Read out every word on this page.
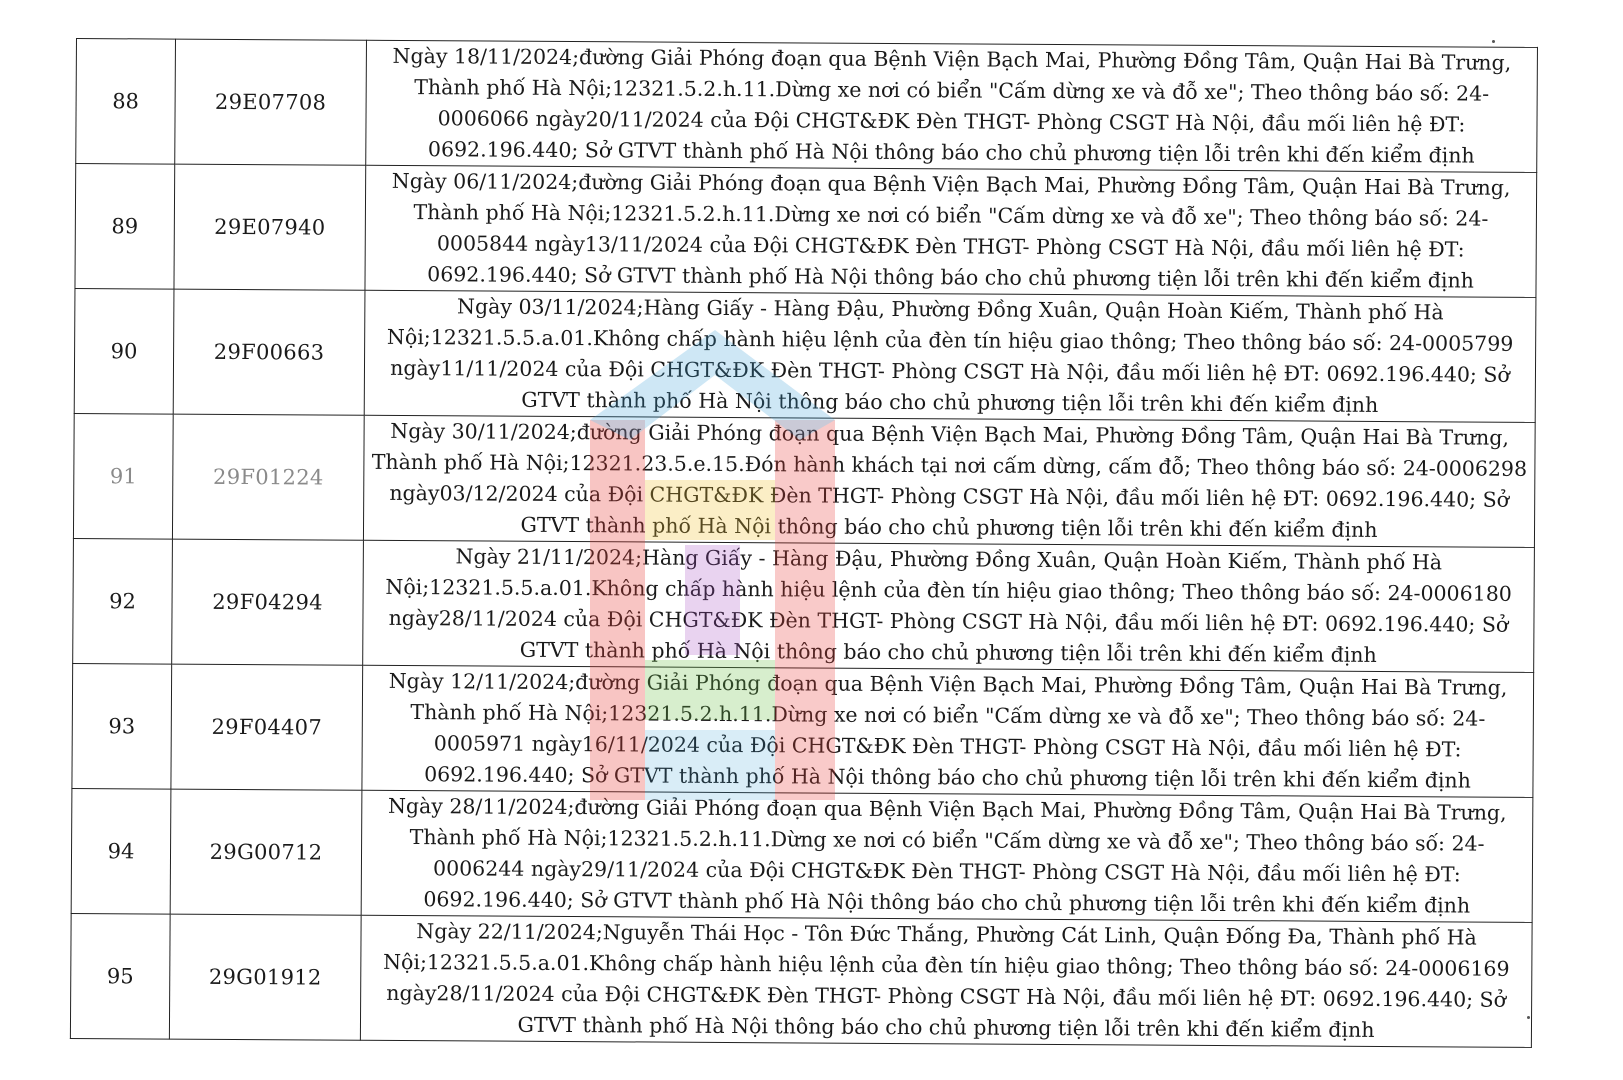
88	29E07708	Ngày 18/11/2024;đường Giải Phóng đoạn qua Bệnh Viện Bạch Mai, Phường Đồng Tâm, Quận Hai Bà Trưng, Thành phố Hà Nội;12321.5.2.h.11.Dừng xe nơi có biển "Cấm dừng xe và đỗ xe"; Theo thông báo số: 24-0006066 ngày20/11/2024 của Đội CHGT&ĐK Đèn THGT- Phòng CSGT Hà Nội, đầu mối liên hệ ĐT: 0692.196.440; Sở GTVT thành phố Hà Nội thông báo cho chủ phương tiện lỗi trên khi đến kiểm định
89	29E07940	Ngày 06/11/2024;đường Giải Phóng đoạn qua Bệnh Viện Bạch Mai, Phường Đồng Tâm, Quận Hai Bà Trưng, Thành phố Hà Nội;12321.5.2.h.11.Dừng xe nơi có biển "Cấm dừng xe và đỗ xe"; Theo thông báo số: 24-0005844 ngày13/11/2024 của Đội CHGT&ĐK Đèn THGT- Phòng CSGT Hà Nội, đầu mối liên hệ ĐT: 0692.196.440; Sở GTVT thành phố Hà Nội thông báo cho chủ phương tiện lỗi trên khi đến kiểm định
90	29F00663	Ngày 03/11/2024;Hàng Giấy - Hàng Đậu, Phường Đồng Xuân, Quận Hoàn Kiếm, Thành phố Hà Nội;12321.5.5.a.01.Không chấp hành hiệu lệnh của đèn tín hiệu giao thông; Theo thông báo số: 24-0005799 ngày11/11/2024 của Đội CHGT&ĐK Đèn THGT- Phòng CSGT Hà Nội, đầu mối liên hệ ĐT: 0692.196.440; Sở GTVT thành phố Hà Nội thông báo cho chủ phương tiện lỗi trên khi đến kiểm định
91	29F01224	Ngày 30/11/2024;đường Giải Phóng đoạn qua Bệnh Viện Bạch Mai, Phường Đồng Tâm, Quận Hai Bà Trưng, Thành phố Hà Nội;12321.23.5.e.15.Đón hành khách tại nơi cấm dừng, cấm đỗ; Theo thông báo số: 24-0006298 ngày03/12/2024 của Đội CHGT&ĐK Đèn THGT- Phòng CSGT Hà Nội, đầu mối liên hệ ĐT: 0692.196.440; Sở GTVT thành phố Hà Nội thông báo cho chủ phương tiện lỗi trên khi đến kiểm định
92	29F04294	Ngày 21/11/2024;Hàng Giấy - Hàng Đậu, Phường Đồng Xuân, Quận Hoàn Kiếm, Thành phố Hà Nội;12321.5.5.a.01.Không chấp hành hiệu lệnh của đèn tín hiệu giao thông; Theo thông báo số: 24-0006180 ngày28/11/2024 của Đội CHGT&ĐK Đèn THGT- Phòng CSGT Hà Nội, đầu mối liên hệ ĐT: 0692.196.440; Sở GTVT thành phố Hà Nội thông báo cho chủ phương tiện lỗi trên khi đến kiểm định
93	29F04407	Ngày 12/11/2024;đường Giải Phóng đoạn qua Bệnh Viện Bạch Mai, Phường Đồng Tâm, Quận Hai Bà Trưng, Thành phố Hà Nội;12321.5.2.h.11.Dừng xe nơi có biển "Cấm dừng xe và đỗ xe"; Theo thông báo số: 24-0005971 ngày16/11/2024 của Đội CHGT&ĐK Đèn THGT- Phòng CSGT Hà Nội, đầu mối liên hệ ĐT: 0692.196.440; Sở GTVT thành phố Hà Nội thông báo cho chủ phương tiện lỗi trên khi đến kiểm định
94	29G00712	Ngày 28/11/2024;đường Giải Phóng đoạn qua Bệnh Viện Bạch Mai, Phường Đồng Tâm, Quận Hai Bà Trưng, Thành phố Hà Nội;12321.5.2.h.11.Dừng xe nơi có biển "Cấm dừng xe và đỗ xe"; Theo thông báo số: 24-0006244 ngày29/11/2024 của Đội CHGT&ĐK Đèn THGT- Phòng CSGT Hà Nội, đầu mối liên hệ ĐT: 0692.196.440; Sở GTVT thành phố Hà Nội thông báo cho chủ phương tiện lỗi trên khi đến kiểm định
95	29G01912	Ngày 22/11/2024;Nguyễn Thái Học - Tôn Đức Thắng, Phường Cát Linh, Quận Đống Đa, Thành phố Hà Nội;12321.5.5.a.01.Không chấp hành hiệu lệnh của đèn tín hiệu giao thông; Theo thông báo số: 24-0006169 ngày28/11/2024 của Đội CHGT&ĐK Đèn THGT- Phòng CSGT Hà Nội, đầu mối liên hệ ĐT: 0692.196.440; Sở GTVT thành phố Hà Nội thông báo cho chủ phương tiện lỗi trên khi đến kiểm định
